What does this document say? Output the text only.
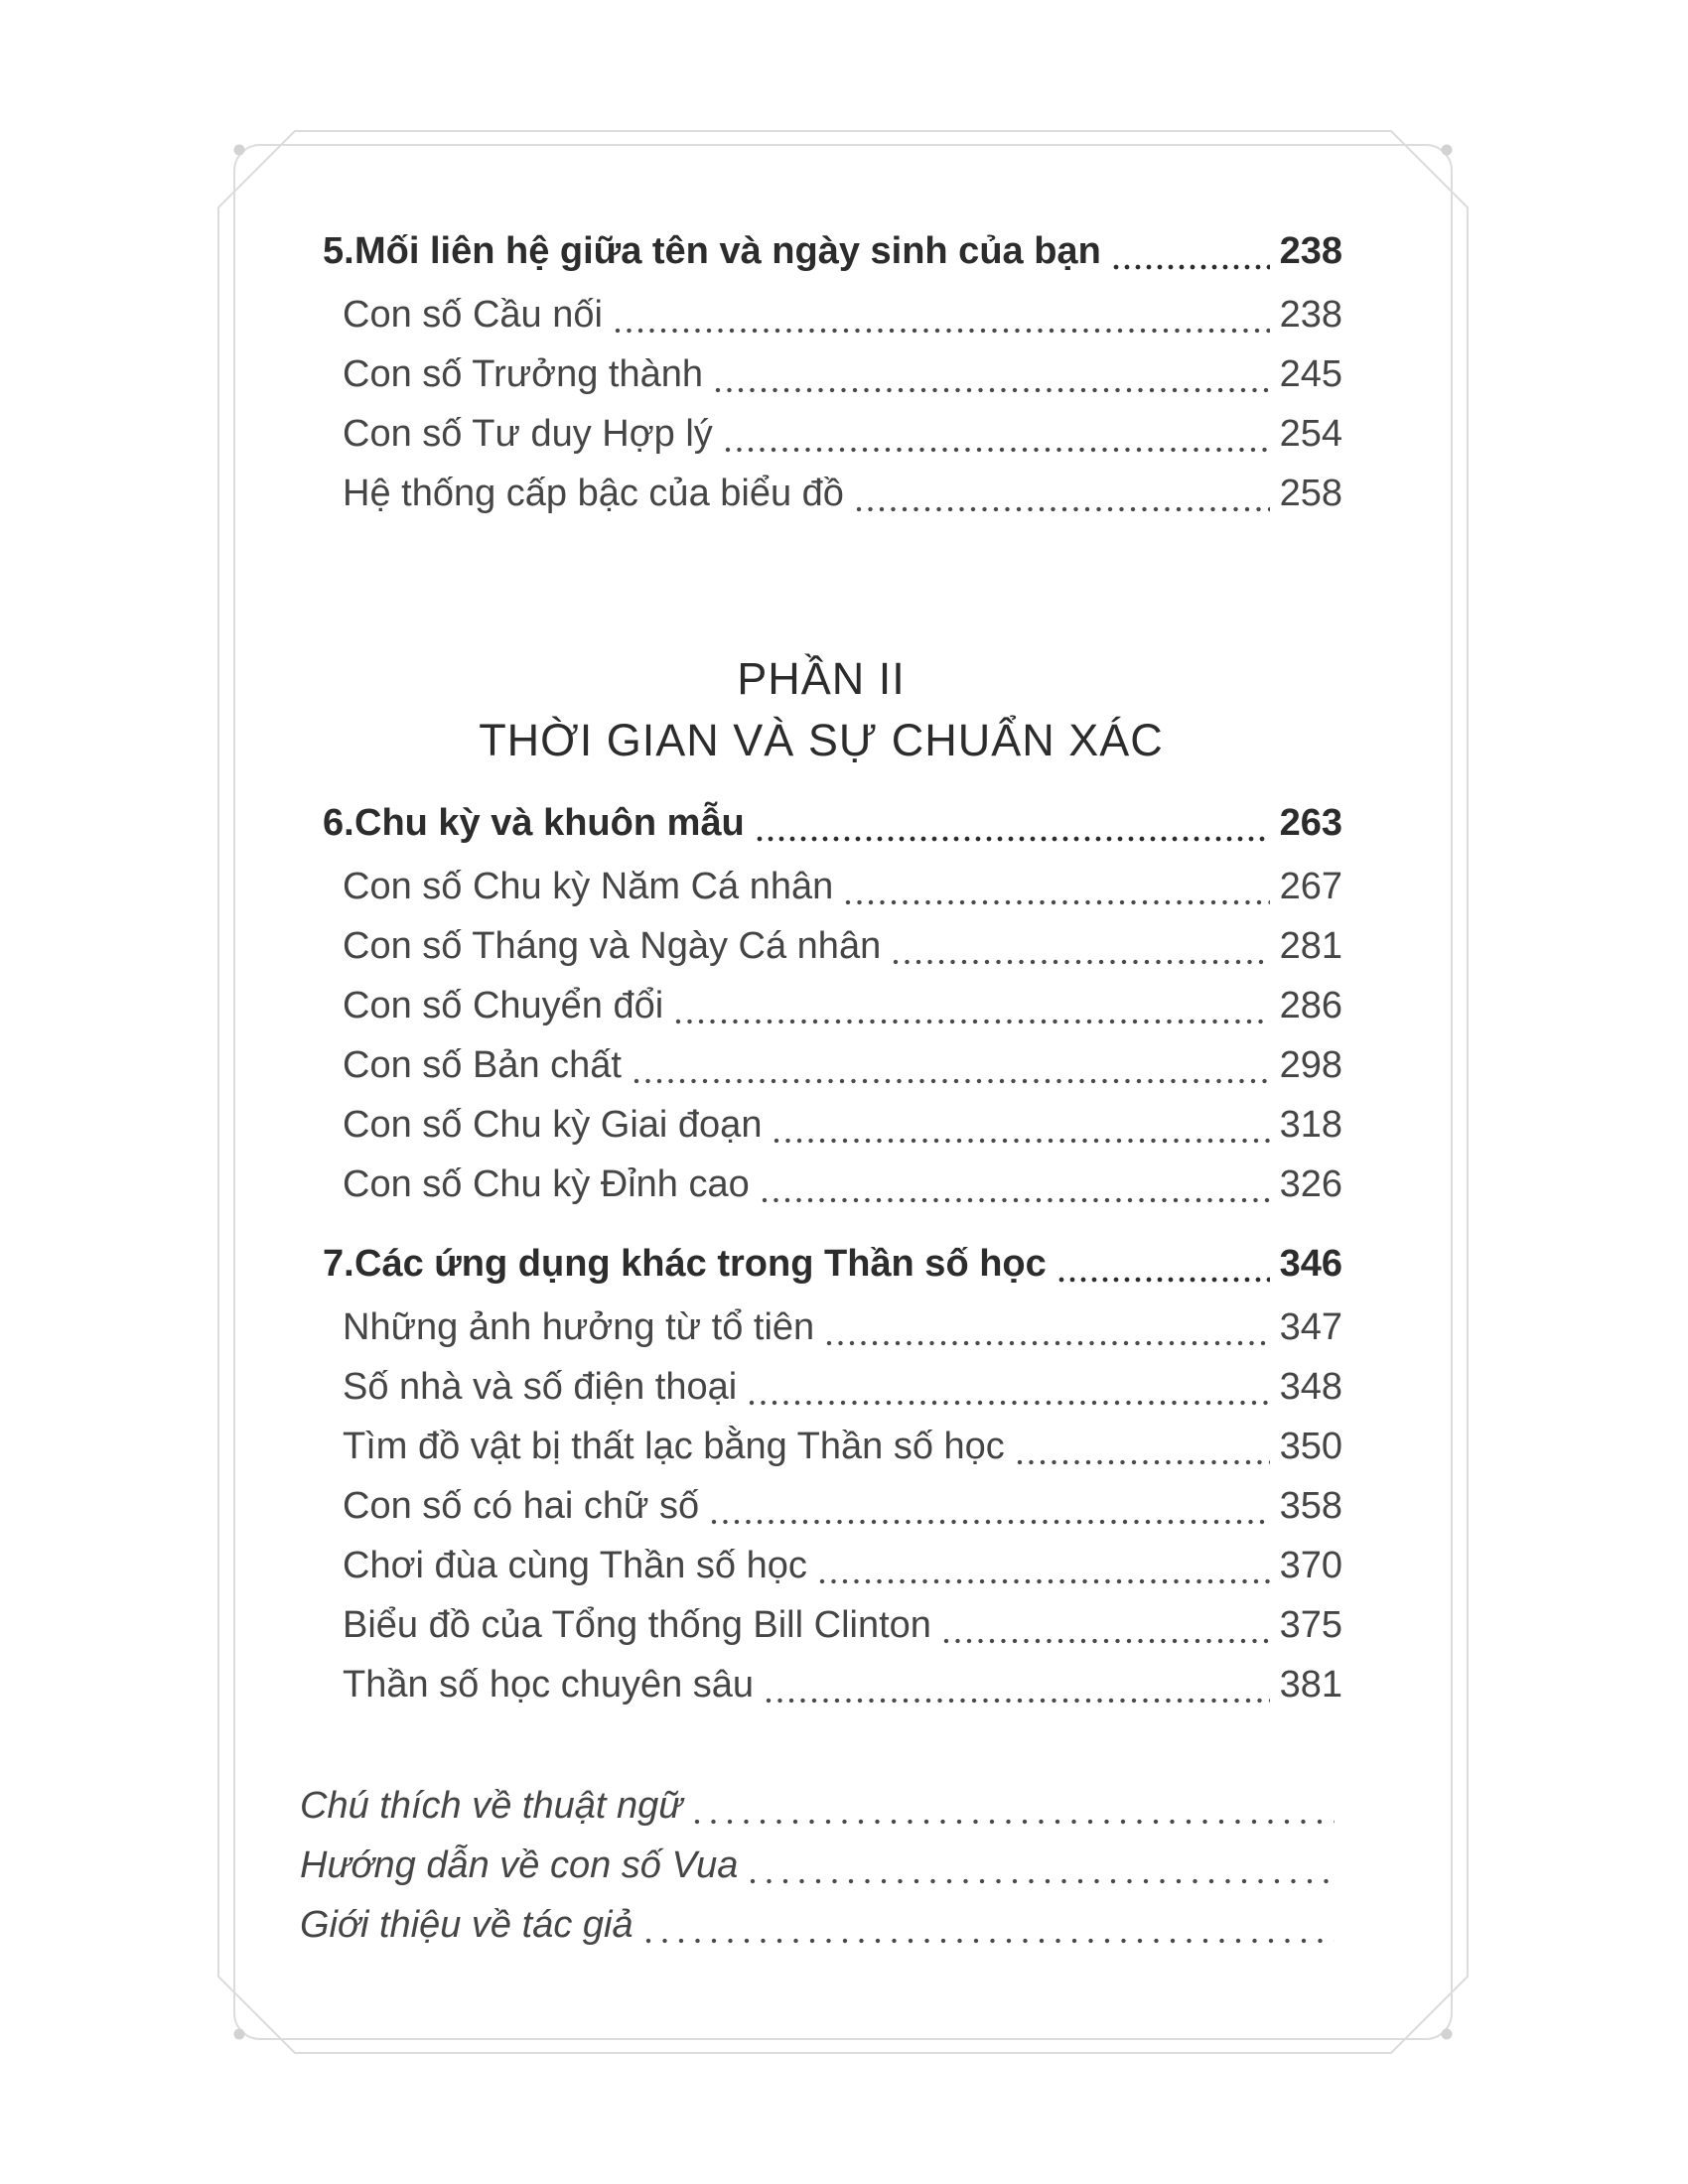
5. Mối liên hệ giữa tên và ngày sinh của bạn	238
Con số Cầu nối	238
Con số Trưởng thành	245
Con số Tư duy Hợp lý	254
Hệ thống cấp bậc của biểu đồ	258
PHẦN II
THỜI GIAN VÀ SỰ CHUẨN XÁC
6. Chu kỳ và khuôn mẫu	263
Con số Chu kỳ Năm Cá nhân	267
Con số Tháng và Ngày Cá nhân	281
Con số Chuyển đổi	286
Con số Bản chất	298
Con số Chu kỳ Giai đoạn	318
Con số Chu kỳ Đỉnh cao	326
7. Các ứng dụng khác trong Thần số học	346
Những ảnh hưởng từ tổ tiên	347
Số nhà và số điện thoại	348
Tìm đồ vật bị thất lạc bằng Thần số học	350
Con số có hai chữ số	358
Chơi đùa cùng Thần số học	370
Biểu đồ của Tổng thống Bill Clinton	375
Thần số học chuyên sâu	381
Chú thích về thuật ngữ
Hướng dẫn về con số Vua
Giới thiệu về tác giả
